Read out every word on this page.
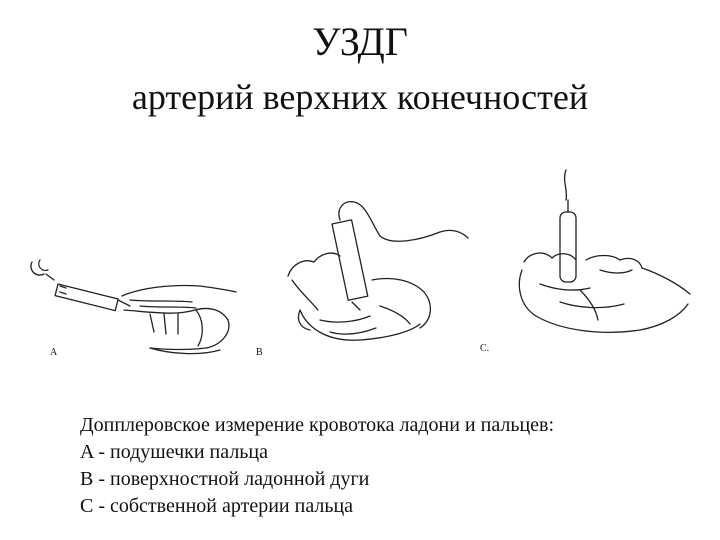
УЗДГ
артерий верхних конечностей
A	B	C.
Допплеровское измерение кровотока ладони и пальцев:
A - подушечки пальца
B - поверхностной ладонной дуги
C - собственной артерии пальца
